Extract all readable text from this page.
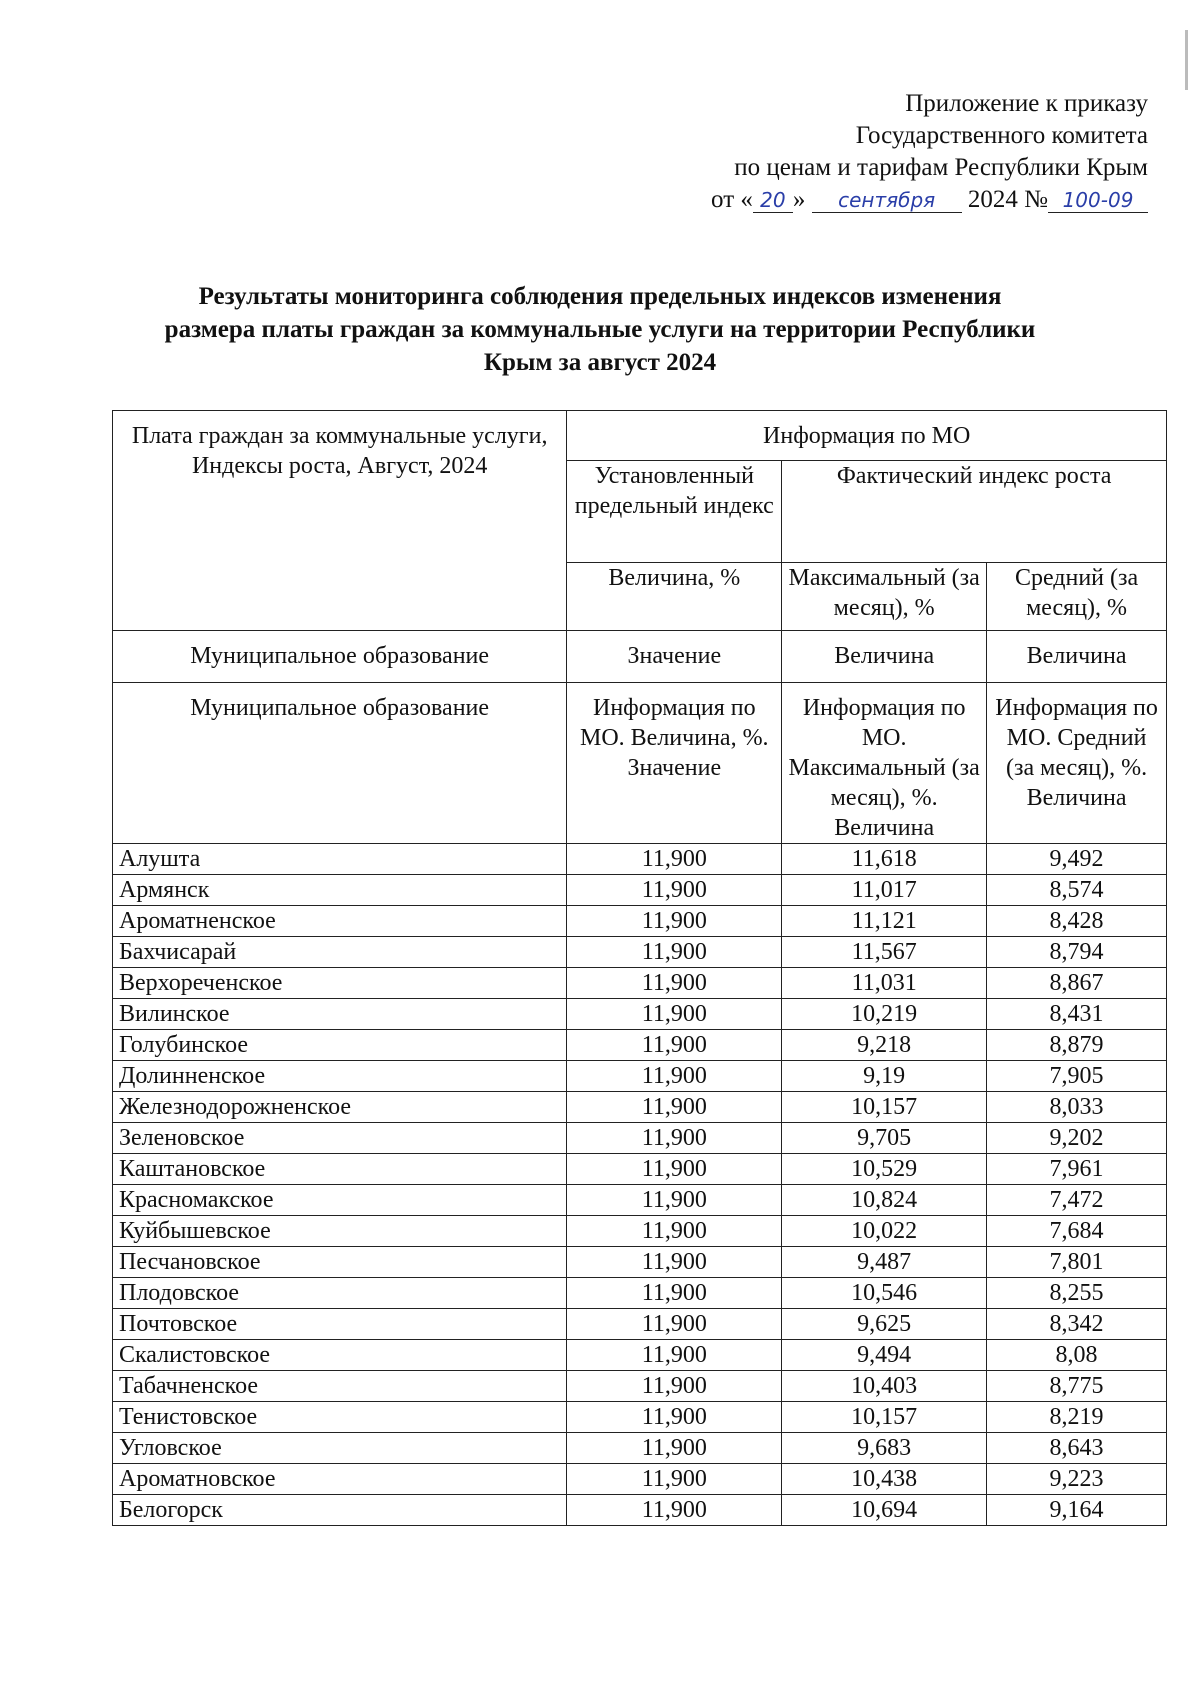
Приложение к приказу
Государственного комитета
по ценам и тарифам Республики Крым
от « 20 » сентября 2024 № 100-09
Результаты мониторинга соблюдения предельных индексов изменения
размера платы граждан за коммунальные услуги на территории Республики
Крым за август 2024
Плата граждан за коммунальные услуги, Индексы роста, Август, 2024	Информация по МО		
	Установленный предельный индекс	Фактический индекс роста	
	Величина, %	Максимальный (за месяц), %	Средний (за месяц), %
Муниципальное образование	Значение	Величина	Величина
Муниципальное образование	Информация по МО. Величина, %. Значение	Информация по МО. Максимальный (за месяц), %. Величина	Информация по МО. Средний (за месяц), %. Величина
Алушта	11,900	11,618	9,492
Армянск	11,900	11,017	8,574
Ароматненское	11,900	11,121	8,428
Бахчисарай	11,900	11,567	8,794
Верхореченское	11,900	11,031	8,867
Вилинское	11,900	10,219	8,431
Голубинское	11,900	9,218	8,879
Долинненское	11,900	9,19	7,905
Железнодорожненское	11,900	10,157	8,033
Зеленовское	11,900	9,705	9,202
Каштановское	11,900	10,529	7,961
Красномакское	11,900	10,824	7,472
Куйбышевское	11,900	10,022	7,684
Песчановское	11,900	9,487	7,801
Плодовское	11,900	10,546	8,255
Почтовское	11,900	9,625	8,342
Скалистовское	11,900	9,494	8,08
Табачненское	11,900	10,403	8,775
Тенистовское	11,900	10,157	8,219
Угловское	11,900	9,683	8,643
Ароматновское	11,900	10,438	9,223
Белогорск	11,900	10,694	9,164
